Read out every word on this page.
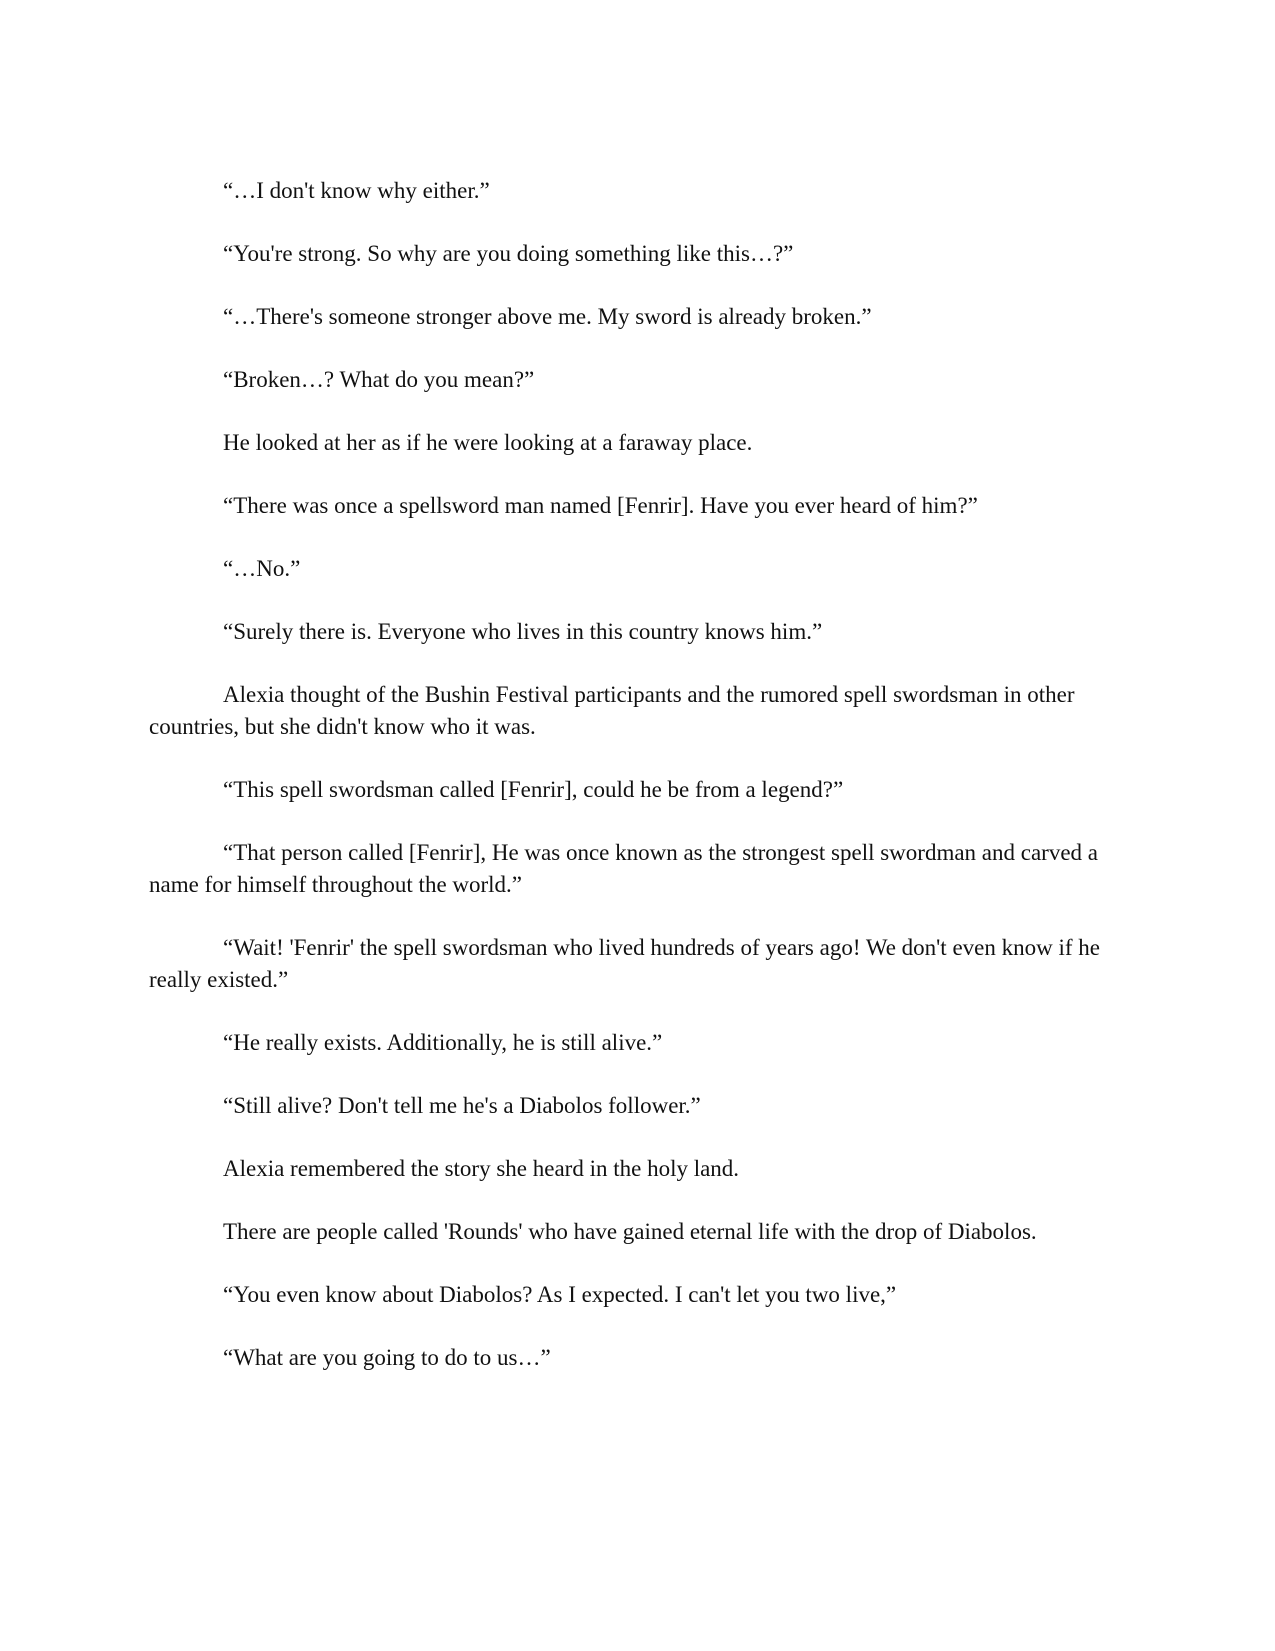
“…I don't know why either.”

“You're strong. So why are you doing something like this…?”

“…There's someone stronger above me. My sword is already broken.”

“Broken…? What do you mean?”

He looked at her as if he were looking at a faraway place.

“There was once a spellsword man named [Fenrir]. Have you ever heard of him?”

“…No.”

“Surely there is. Everyone who lives in this country knows him.”

Alexia thought of the Bushin Festival participants and the rumored spell swordsman in other countries, but she didn't know who it was.

“This spell swordsman called [Fenrir], could he be from a legend?”

“That person called [Fenrir], He was once known as the strongest spell swordman and carved a name for himself throughout the world.”

“Wait! 'Fenrir' the spell swordsman who lived hundreds of years ago! We don't even know if he really existed.”

“He really exists. Additionally, he is still alive.”

“Still alive? Don't tell me he's a Diabolos follower.”

Alexia remembered the story she heard in the holy land.

There are people called 'Rounds' who have gained eternal life with the drop of Diabolos.

“You even know about Diabolos? As I expected. I can't let you two live,”

“What are you going to do to us…”
